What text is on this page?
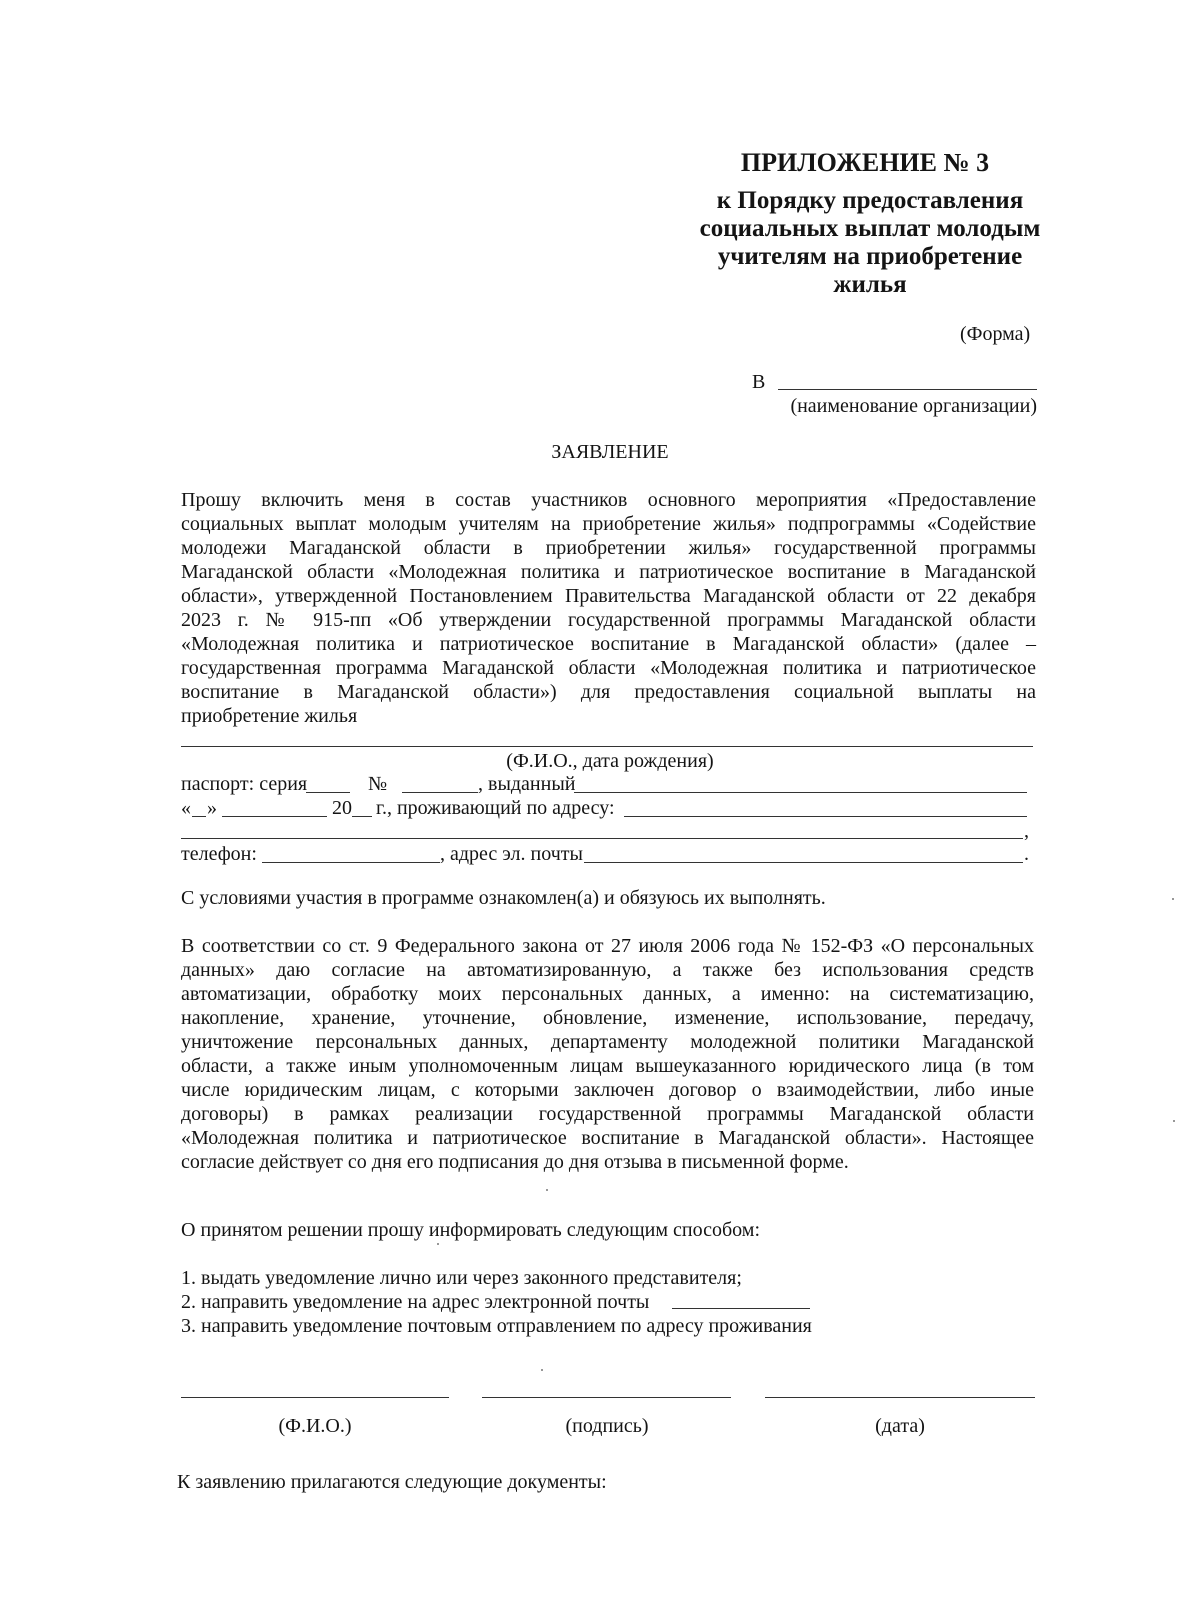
ПРИЛОЖЕНИЕ № 3
к Порядку предоставления
социальных выплат молодым
учителям на приобретение
жилья
(Форма)
В
(наименование организации)
ЗАЯВЛЕНИЕ
Прошу включить меня в состав участников основного мероприятия «Предоставление
социальных выплат молодым учителям на приобретение жилья» подпрограммы «Содействие
молодежи Магаданской области в приобретении жилья» государственной программы
Магаданской области «Молодежная политика и патриотическое воспитание в Магаданской
области», утвержденной Постановлением Правительства Магаданской области от 22 декабря
2023 г. № 915-пп «Об утверждении государственной программы Магаданской области
«Молодежная политика и патриотическое воспитание в Магаданской области» (далее –
государственная программа Магаданской области «Молодежная политика и патриотическое
воспитание в Магаданской области») для предоставления социальной выплаты на
приобретение жилья
(Ф.И.О., дата рождения)
паспорт: серия	№	, выданный
« »	20 г., проживающий по адресу:
,
телефон:	, адрес эл. почты	.
С условиями участия в программе ознакомлен(а) и обязуюсь их выполнять.
В соответствии со ст. 9 Федерального закона от 27 июля 2006 года № 152-ФЗ «О персональных
данных» даю согласие на автоматизированную, а также без использования средств
автоматизации, обработку моих персональных данных, а именно: на систематизацию,
накопление, хранение, уточнение, обновление, изменение, использование, передачу,
уничтожение персональных данных, департаменту молодежной политики Магаданской
области, а также иным уполномоченным лицам вышеуказанного юридического лица (в том
числе юридическим лицам, с которыми заключен договор о взаимодействии, либо иные
договоры) в рамках реализации государственной программы Магаданской области
«Молодежная политика и патриотическое воспитание в Магаданской области». Настоящее
согласие действует со дня его подписания до дня отзыва в письменной форме.
О принятом решении прошу информировать следующим способом:
1. выдать уведомление лично или через законного представителя;
2. направить уведомление на адрес электронной почты
3. направить уведомление почтовым отправлением по адресу проживания
(Ф.И.О.)	(подпись)	(дата)
К заявлению прилагаются следующие документы:
